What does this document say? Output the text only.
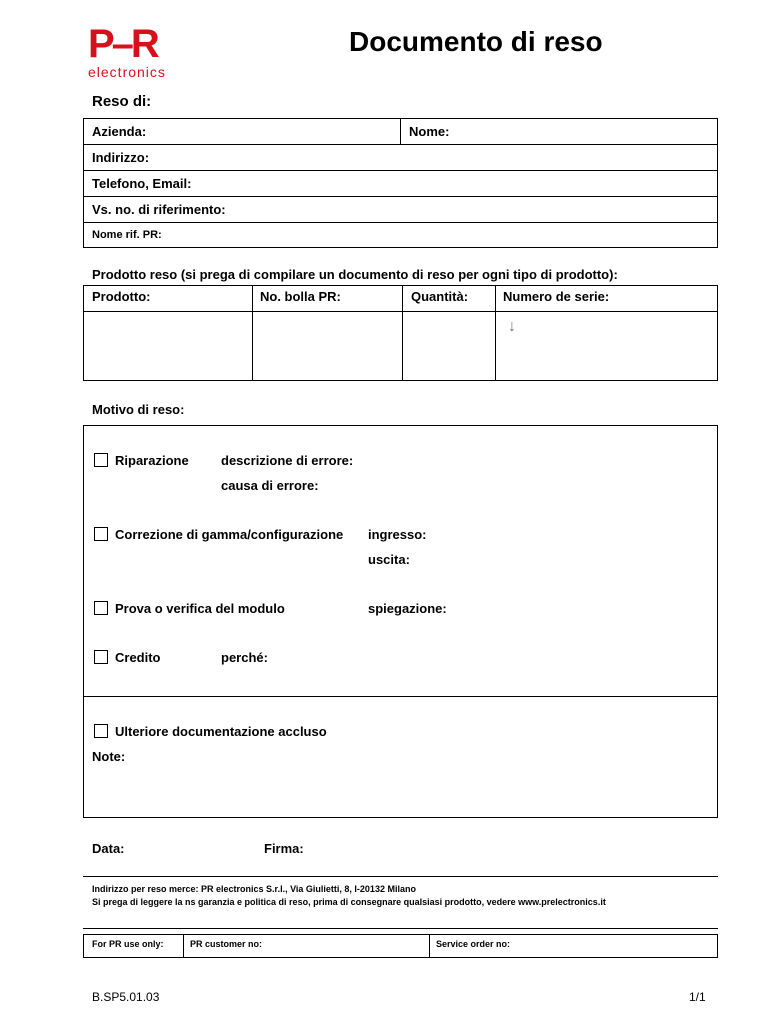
P–R
electronics
Documento di reso
Reso di:
Azienda:	Nome:
Indirizzo:
Telefono, Email:
Vs. no. di riferimento:
Nome rif. PR:
Prodotto reso (si prega di compilare un documento di reso per ogni tipo di prodotto):
Prodotto:	No. bolla PR:	Quantità:	Numero de serie:
↓
Motivo di reso:
Riparazione descrizione di errore:
causa di errore:
Correzione di gamma/configurazione ingresso:
uscita:
Prova o verifica del modulo	spiegazione:
Credito	perché:
Ulteriore documentazione accluso
Note:
Data:	Firma:
Indirizzo per reso merce: PR electronics S.r.l., Via Giulietti, 8, I-20132 Milano
Si prega di leggere la ns garanzia e politica di reso, prima di consegnare qualsiasi prodotto, vedere www.prelectronics.it
For PR use only:	PR customer no:	Service order no:
B.SP5.01.03	1/1
